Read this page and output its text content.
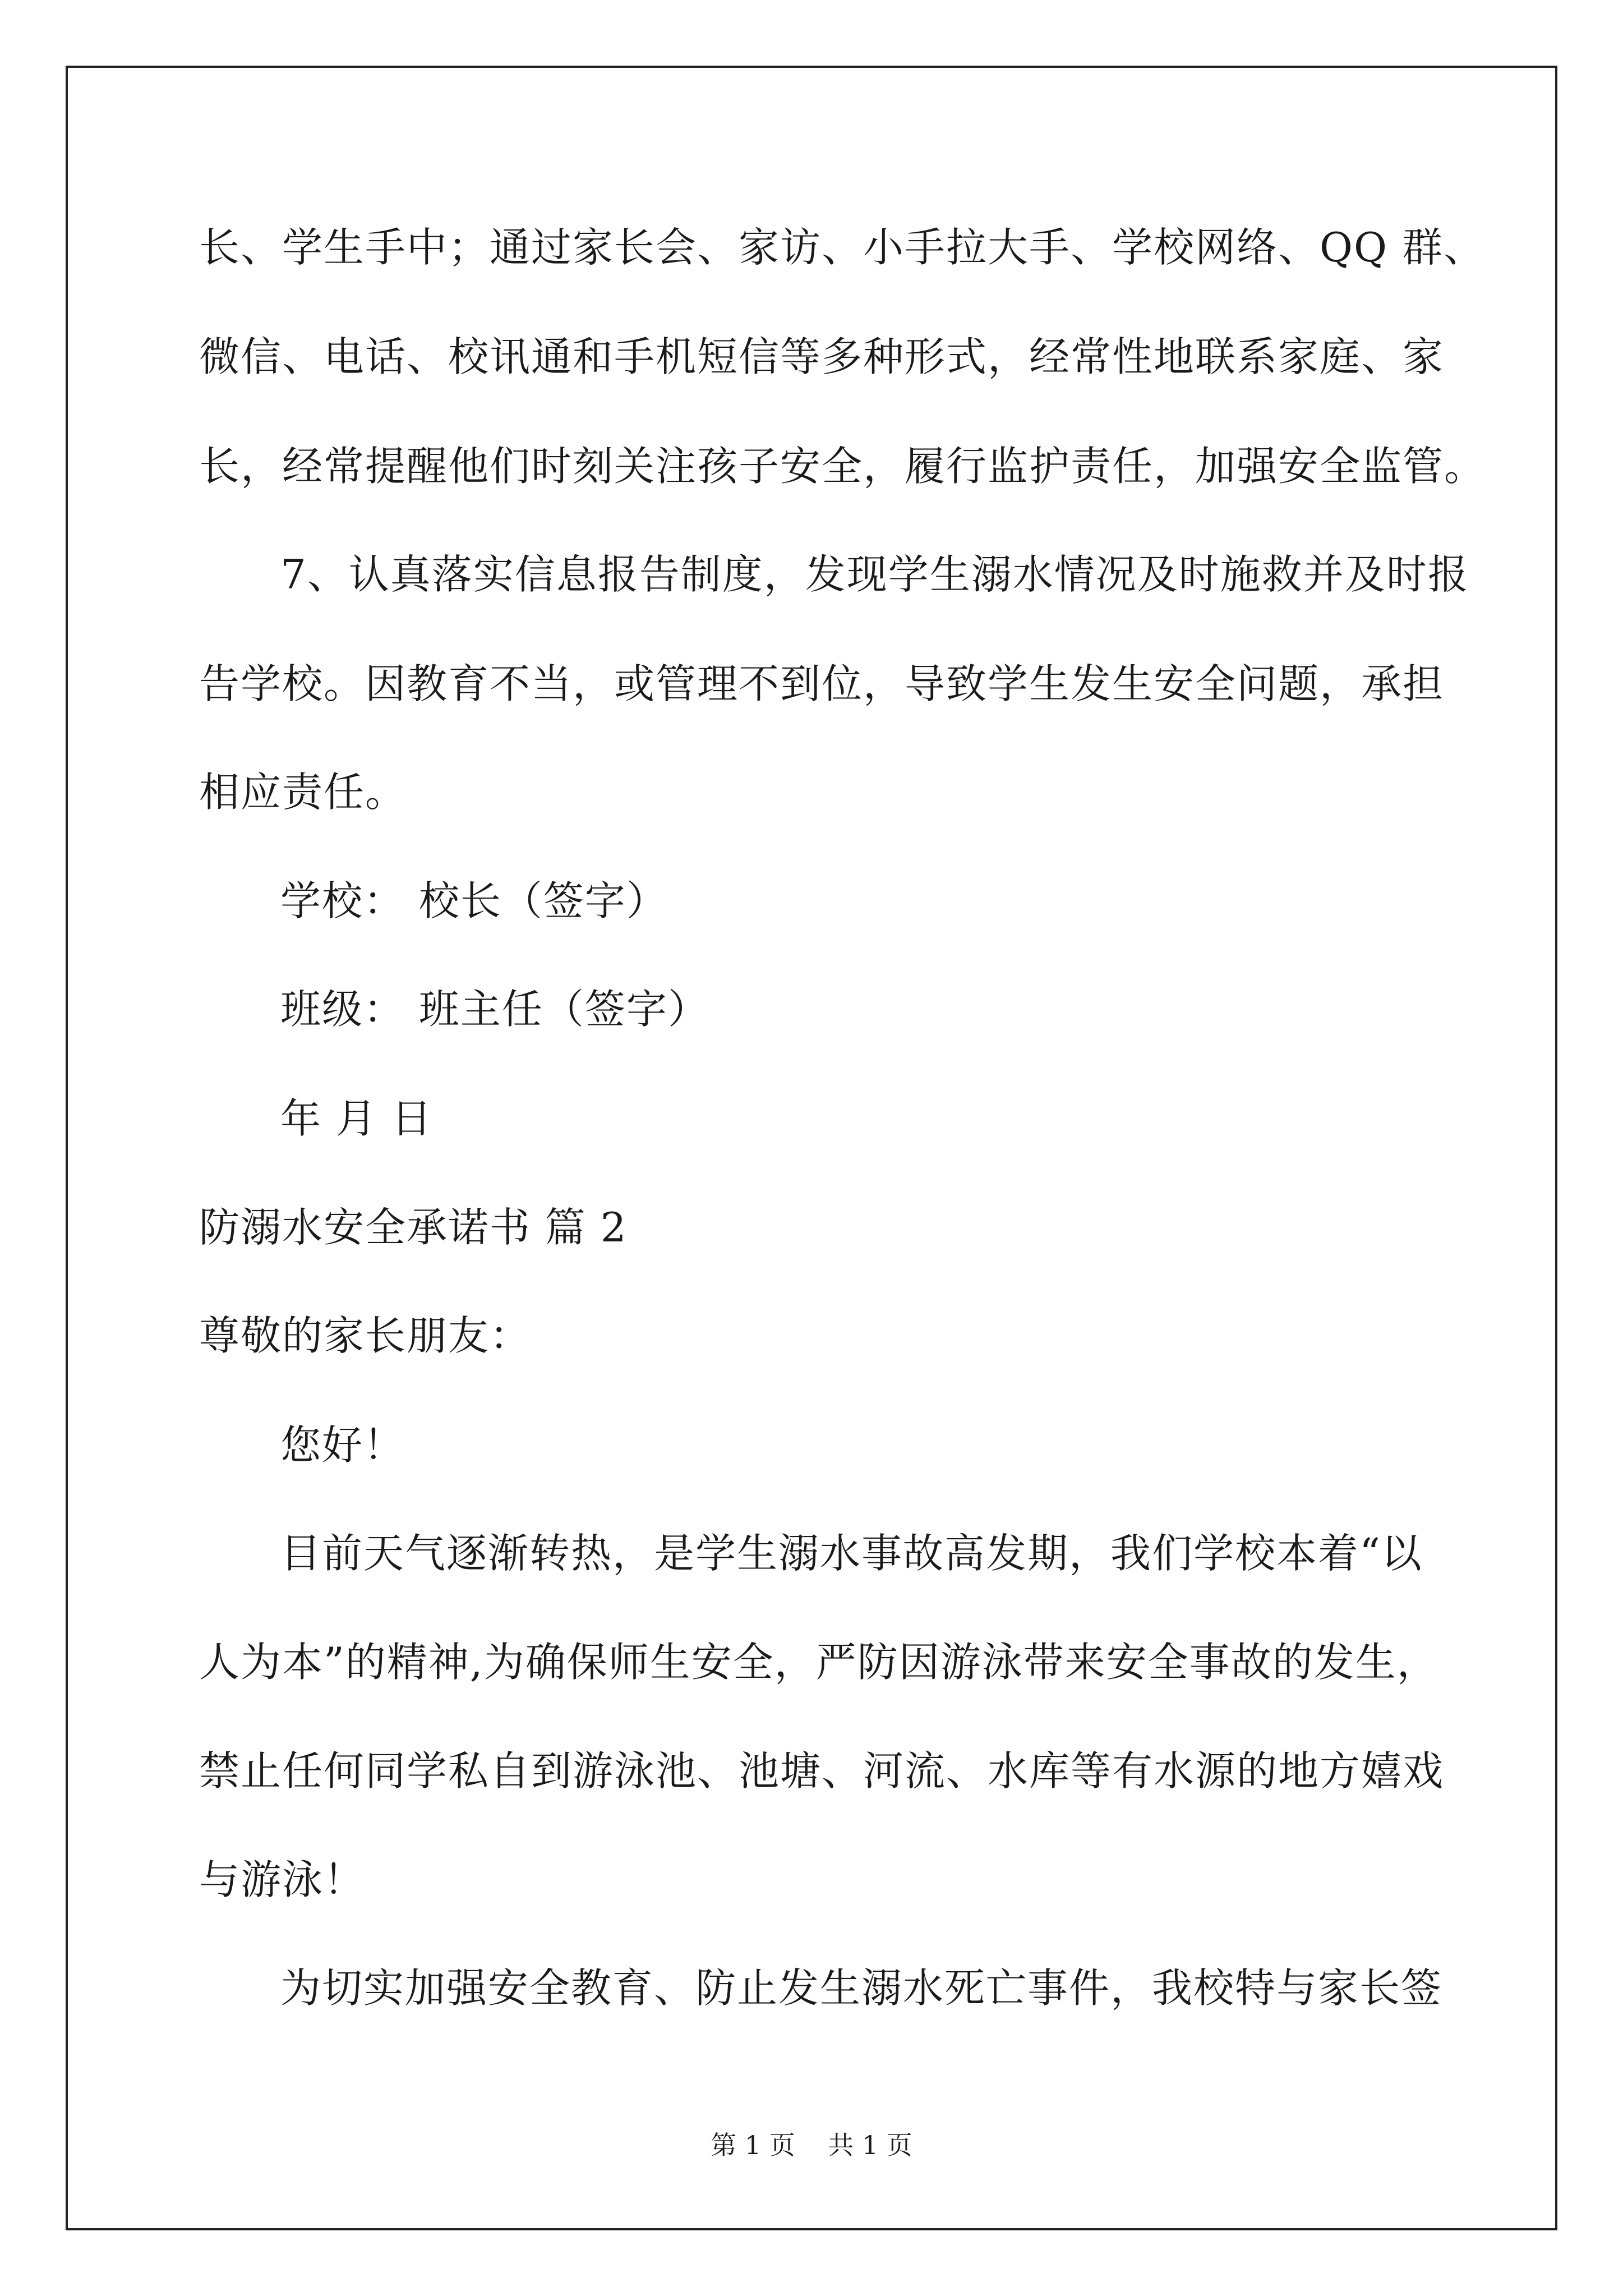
长、学生手中；通过家长会、家访、小手拉大手、学校网络、QQ 群、
微信、电话、校讯通和手机短信等多种形式，经常性地联系家庭、家
长，经常提醒他们时刻关注孩子安全，履行监护责任，加强安全监管。
7、认真落实信息报告制度，发现学生溺水情况及时施救并及时报
告学校。因教育不当，或管理不到位，导致学生发生安全问题，承担
相应责任。
学校： 校长（签字）
班级： 班主任（签字）
年 月 日
防溺水安全承诺书 篇 2
尊敬的家长朋友：
您好！
目前天气逐渐转热，是学生溺水事故高发期，我们学校本着“以
人为本”的精神,为确保师生安全，严防因游泳带来安全事故的发生，
禁止任何同学私自到游泳池、池塘、河流、水库等有水源的地方嬉戏
与游泳！
为切实加强安全教育、防止发生溺水死亡事件，我校特与家长签
第 1 页    共 1 页
